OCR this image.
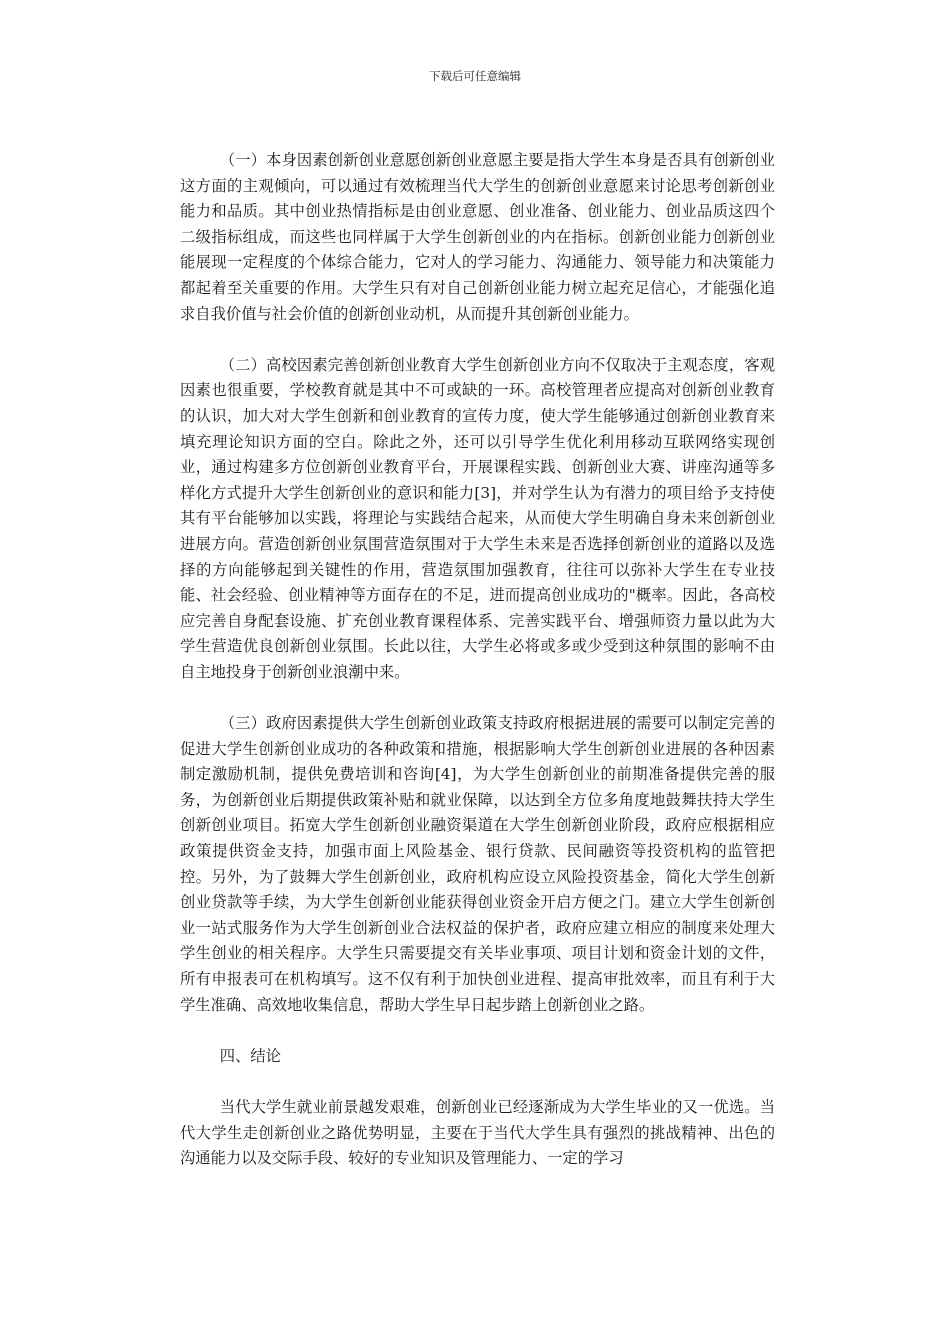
下载后可任意编辑

（一）本身因素创新创业意愿创新创业意愿主要是指大学生本身是否具有创新创业这方面的主观倾向，可以通过有效梳理当代大学生的创新创业意愿来讨论思考创新创业能力和品质。其中创业热情指标是由创业意愿、创业准备、创业能力、创业品质这四个二级指标组成，而这些也同样属于大学生创新创业的内在指标。创新创业能力创新创业能展现一定程度的个体综合能力，它对人的学习能力、沟通能力、领导能力和决策能力都起着至关重要的作用。大学生只有对自己创新创业能力树立起充足信心，才能强化追求自我价值与社会价值的创新创业动机，从而提升其创新创业能力。

（二）高校因素完善创新创业教育大学生创新创业方向不仅取决于主观态度，客观因素也很重要，学校教育就是其中不可或缺的一环。高校管理者应提高对创新创业教育的认识，加大对大学生创新和创业教育的宣传力度，使大学生能够通过创新创业教育来填充理论知识方面的空白。除此之外，还可以引导学生优化利用移动互联网络实现创业，通过构建多方位创新创业教育平台，开展课程实践、创新创业大赛、讲座沟通等多样化方式提升大学生创新创业的意识和能力[3]，并对学生认为有潜力的项目给予支持使其有平台能够加以实践，将理论与实践结合起来，从而使大学生明确自身未来创新创业进展方向。营造创新创业氛围营造氛围对于大学生未来是否选择创新创业的道路以及选择的方向能够起到关键性的作用，营造氛围加强教育，往往可以弥补大学生在专业技能、社会经验、创业精神等方面存在的不足，进而提高创业成功的"概率。因此，各高校应完善自身配套设施、扩充创业教育课程体系、完善实践平台、增强师资力量以此为大学生营造优良创新创业氛围。长此以往，大学生必将或多或少受到这种氛围的影响不由自主地投身于创新创业浪潮中来。

（三）政府因素提供大学生创新创业政策支持政府根据进展的需要可以制定完善的促进大学生创新创业成功的各种政策和措施，根据影响大学生创新创业进展的各种因素制定激励机制，提供免费培训和咨询[4]，为大学生创新创业的前期准备提供完善的服务，为创新创业后期提供政策补贴和就业保障，以达到全方位多角度地鼓舞扶持大学生创新创业项目。拓宽大学生创新创业融资渠道在大学生创新创业阶段，政府应根据相应政策提供资金支持，加强市面上风险基金、银行贷款、民间融资等投资机构的监管把控。另外，为了鼓舞大学生创新创业，政府机构应设立风险投资基金，简化大学生创新创业贷款等手续，为大学生创新创业能获得创业资金开启方便之门。建立大学生创新创业一站式服务作为大学生创新创业合法权益的保护者，政府应建立相应的制度来处理大学生创业的相关程序。大学生只需要提交有关毕业事项、项目计划和资金计划的文件，所有申报表可在机构填写。这不仅有利于加快创业进程、提高审批效率，而且有利于大学生准确、高效地收集信息，帮助大学生早日起步踏上创新创业之路。

四、结论

当代大学生就业前景越发艰难，创新创业已经逐渐成为大学生毕业的又一优选。当代大学生走创新创业之路优势明显，主要在于当代大学生具有强烈的挑战精神、出色的沟通能力以及交际手段、较好的专业知识及管理能力、一定的学习
